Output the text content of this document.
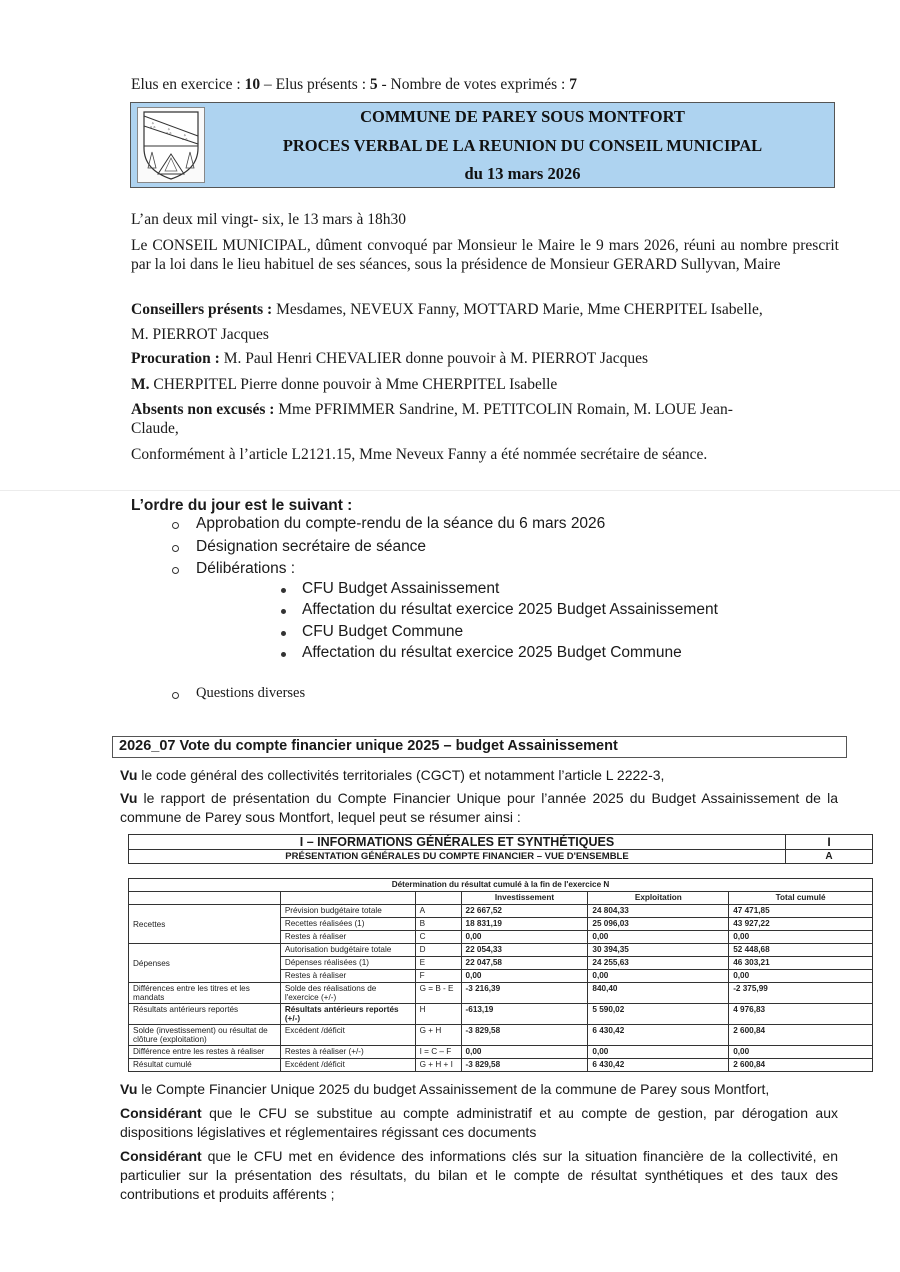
Elus en exercice : 10 – Elus présents : 5 - Nombre de votes exprimés : 7
ஃ
ஃ
ஃ
COMMUNE DE PAREY SOUS MONTFORT
PROCES VERBAL DE LA REUNION DU CONSEIL MUNICIPAL
du 13 mars 2026
L’an deux mil vingt- six, le 13 mars à 18h30
Le CONSEIL MUNICIPAL, dûment convoqué par Monsieur le Maire le 9 mars 2026, réuni au nombre prescrit par la loi dans le lieu habituel de ses séances, sous la présidence de Monsieur GERARD Sullyvan, Maire
Conseillers présents : Mesdames, NEVEUX Fanny, MOTTARD Marie, Mme CHERPITEL Isabelle,
M. PIERROT Jacques
Procuration : M. Paul Henri CHEVALIER donne pouvoir à M. PIERROT Jacques
M. CHERPITEL Pierre donne pouvoir à Mme CHERPITEL Isabelle
Absents non excusés : Mme PFRIMMER Sandrine, M. PETITCOLIN Romain, M. LOUE Jean-Claude,
Conformément à l’article L2121.15, Mme Neveux Fanny a été nommée secrétaire de séance.
L’ordre du jour est le suivant :
Approbation du compte-rendu de la séance du 6 mars 2026
Désignation secrétaire de séance
Délibérations :
CFU Budget Assainissement
Affectation du résultat exercice 2025 Budget Assainissement
CFU Budget Commune
Affectation du résultat exercice 2025 Budget Commune
Questions diverses
2026_07 Vote du compte financier unique 2025 – budget Assainissement
Vu le code général des collectivités territoriales (CGCT) et notamment l’article L 2222-3,
Vu le rapport de présentation du Compte Financier Unique pour l’année 2025 du Budget Assainissement de la commune de Parey sous Montfort, lequel peut se résumer ainsi :
I – INFORMATIONS GÉNÉRALES ET SYNTHÉTIQUES	I
PRÉSENTATION GÉNÉRALES DU COMPTE FINANCIER – VUE D'ENSEMBLE	A
Détermination du résultat cumulé à la fin de l'exercice N					
			Investissement	Exploitation	Total cumulé
Recettes	Prévision budgétaire totale	A	22 667,52	24 804,33	47 471,85
	Recettes réalisées (1)	B	18 831,19	25 096,03	43 927,22
	Restes à réaliser	C	0,00	0,00	0,00
Dépenses	Autorisation budgétaire totale	D	22 054,33	30 394,35	52 448,68
	Dépenses réalisées (1)	E	22 047,58	24 255,63	46 303,21
	Restes à réaliser	F	0,00	0,00	0,00
Différences entre les titres et les mandats	Solde des réalisations de l'exercice (+/-)	G = B - E	-3 216,39	840,40	-2 375,99
Résultats antérieurs reportés	Résultats antérieurs reportés (+/-)	H	-613,19	5 590,02	4 976,83
Solde (investissement) ou résultat de clôture (exploitation)	Excédent /déficit	G + H	-3 829,58	6 430,42	2 600,84
Différence entre les restes à réaliser	Restes à réaliser (+/-)	I = C – F	0,00	0,00	0,00
Résultat cumulé	Excédent /déficit	G + H + I	-3 829,58	6 430,42	2 600,84
Vu le Compte Financier Unique 2025 du budget Assainissement de la commune de Parey sous Montfort,
Considérant que le CFU se substitue au compte administratif et au compte de gestion, par dérogation aux dispositions législatives et réglementaires régissant ces documents
Considérant que le CFU met en évidence des informations clés sur la situation financière de la collectivité, en particulier sur la présentation des résultats, du bilan et le compte de résultat synthétiques et des taux des contributions et produits afférents ;
